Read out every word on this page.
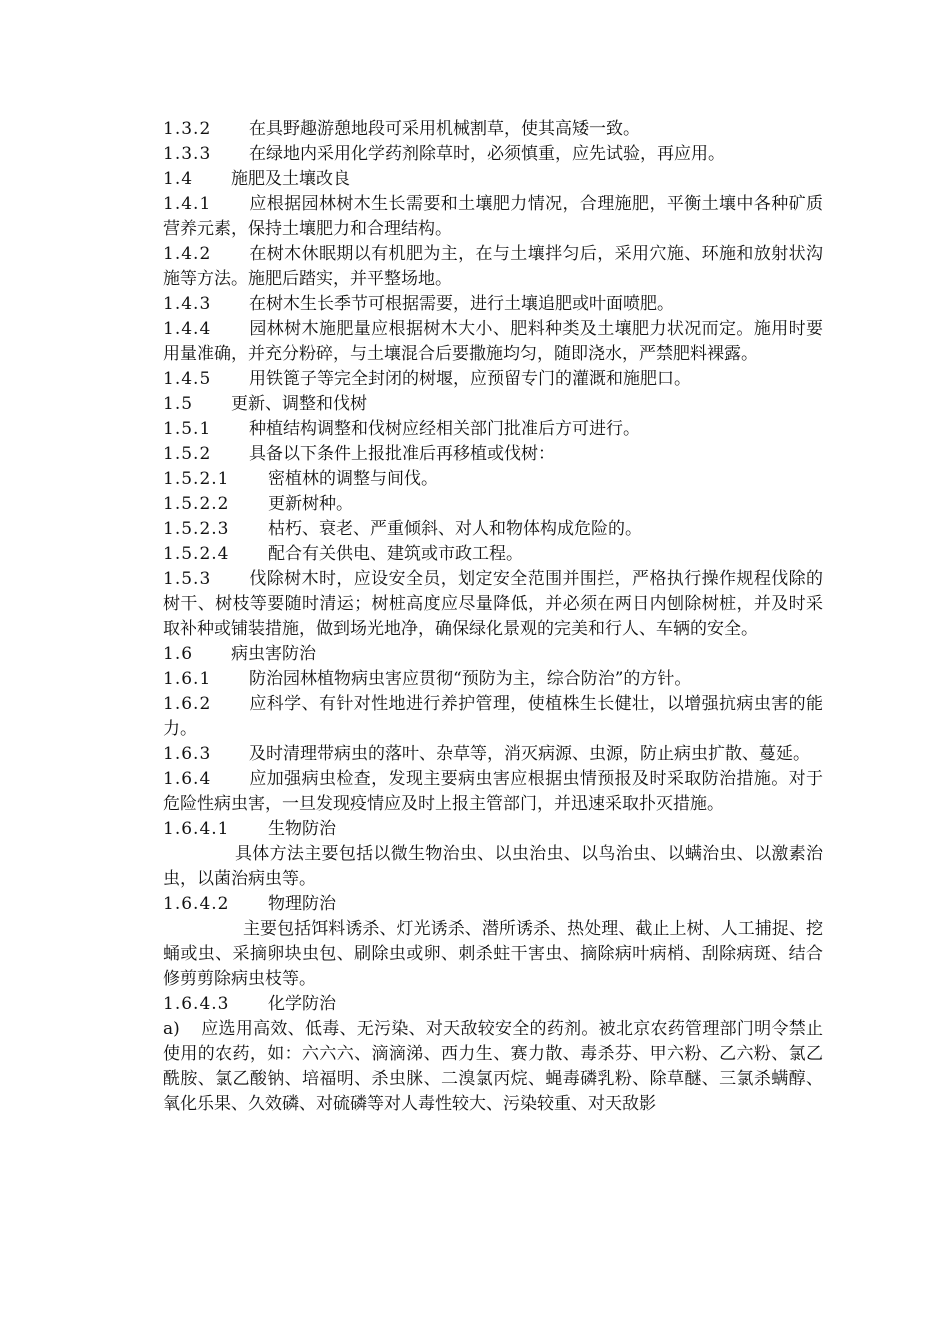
1.3.2 在具野趣游憩地段可采用机械割草，使其高矮一致。

1.3.3 在绿地内采用化学药剂除草时，必须慎重，应先试验，再应用。

1.4 施肥及土壤改良

1.4.1 应根据园林树木生长需要和土壤肥力情况，合理施肥，平衡土壤中各种矿质营养元素，保持土壤肥力和合理结构。

1.4.2 在树木休眠期以有机肥为主，在与土壤拌匀后，采用穴施、环施和放射状沟施等方法。施肥后踏实，并平整场地。

1.4.3 在树木生长季节可根据需要，进行土壤追肥或叶面喷肥。

1.4.4 园林树木施肥量应根据树木大小、肥料种类及土壤肥力状况而定。施用时要用量准确，并充分粉碎，与土壤混合后要撒施均匀，随即浇水，严禁肥料裸露。

1.4.5 用铁篦子等完全封闭的树堰，应预留专门的灌溉和施肥口。

1.5 更新、调整和伐树

1.5.1 种植结构调整和伐树应经相关部门批准后方可进行。

1.5.2 具备以下条件上报批准后再移植或伐树：

1.5.2.1 密植林的调整与间伐。

1.5.2.2 更新树种。

1.5.2.3 枯朽、衰老、严重倾斜、对人和物体构成危险的。

1.5.2.4 配合有关供电、建筑或市政工程。

1.5.3 伐除树木时，应设安全员，划定安全范围并围拦，严格执行操作规程伐除的树干、树枝等要随时清运；树桩高度应尽量降低，并必须在两日内刨除树桩，并及时采取补种或铺装措施，做到场光地净，确保绿化景观的完美和行人、车辆的安全。

1.6 病虫害防治

1.6.1 防治园林植物病虫害应贯彻“预防为主，综合防治”的方针。

1.6.2 应科学、有针对性地进行养护管理，使植株生长健壮，以增强抗病虫害的能力。

1.6.3 及时清理带病虫的落叶、杂草等，消灭病源、虫源，防止病虫扩散、蔓延。

1.6.4 应加强病虫检查，发现主要病虫害应根据虫情预报及时采取防治措施。对于危险性病虫害，一旦发现疫情应及时上报主管部门，并迅速采取扑灭措施。

1.6.4.1 生物防治

具体方法主要包括以微生物治虫、以虫治虫、以鸟治虫、以螨治虫、以激素治虫，以菌治病虫等。

1.6.4.2 物理防治

主要包括饵料诱杀、灯光诱杀、潜所诱杀、热处理、截止上树、人工捕捉、挖蛹或虫、采摘卵块虫包、刷除虫或卵、刺杀蛀干害虫、摘除病叶病梢、刮除病斑、结合修剪剪除病虫枝等。

1.6.4.3 化学防治

a) 应选用高效、低毒、无污染、对天敌较安全的药剂。被北京农药管理部门明令禁止使用的农药，如：六六六、滴滴涕、西力生、赛力散、毒杀芬、甲六粉、乙六粉、氯乙酰胺、氯乙酸钠、培福明、杀虫脒、二溴氯丙烷、蝇毒磷乳粉、除草醚、三氯杀螨醇、氧化乐果、久效磷、对硫磷等对人毒性较大、污染较重、对天敌影
